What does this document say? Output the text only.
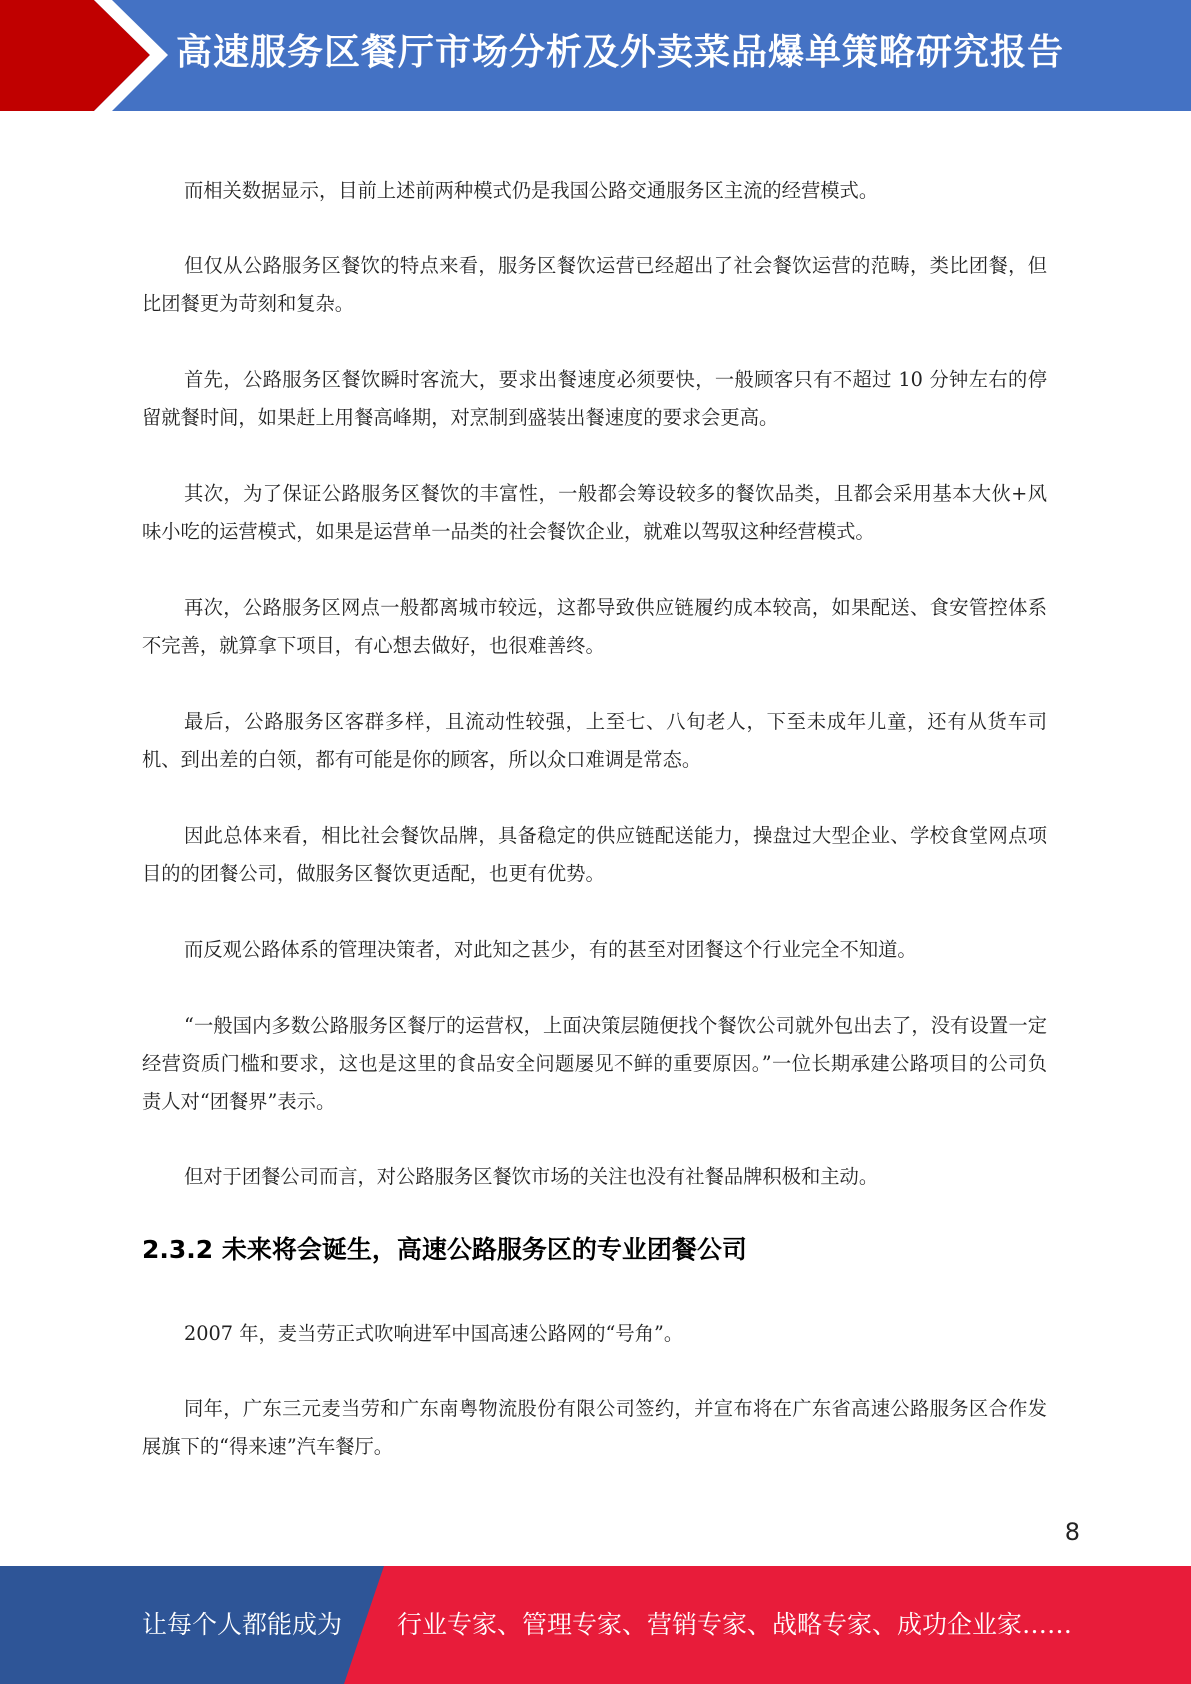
高速服务区餐厅市场分析及外卖菜品爆单策略研究报告

而相关数据显示，目前上述前两种模式仍是我国公路交通服务区主流的经营模式。

但仅从公路服务区餐饮的特点来看，服务区餐饮运营已经超出了社会餐饮运营的范畴，类比团餐，但比团餐更为苛刻和复杂。

首先，公路服务区餐饮瞬时客流大，要求出餐速度必须要快，一般顾客只有不超过 10 分钟左右的停留就餐时间，如果赶上用餐高峰期，对烹制到盛装出餐速度的要求会更高。

其次，为了保证公路服务区餐饮的丰富性，一般都会筹设较多的餐饮品类，且都会采用基本大伙+风味小吃的运营模式，如果是运营单一品类的社会餐饮企业，就难以驾驭这种经营模式。

再次，公路服务区网点一般都离城市较远，这都导致供应链履约成本较高，如果配送、食安管控体系不完善，就算拿下项目，有心想去做好，也很难善终。

最后，公路服务区客群多样，且流动性较强，上至七、八旬老人，下至未成年儿童，还有从货车司机、到出差的白领，都有可能是你的顾客，所以众口难调是常态。

因此总体来看，相比社会餐饮品牌，具备稳定的供应链配送能力，操盘过大型企业、学校食堂网点项目的的团餐公司，做服务区餐饮更适配，也更有优势。

而反观公路体系的管理决策者，对此知之甚少，有的甚至对团餐这个行业完全不知道。

“一般国内多数公路服务区餐厅的运营权，上面决策层随便找个餐饮公司就外包出去了，没有设置一定经营资质门槛和要求，这也是这里的食品安全问题屡见不鲜的重要原因。”一位长期承建公路项目的公司负责人对“团餐界”表示。

但对于团餐公司而言，对公路服务区餐饮市场的关注也没有社餐品牌积极和主动。

2.3.2 未来将会诞生，高速公路服务区的专业团餐公司

2007 年，麦当劳正式吹响进军中国高速公路网的“号角”。

同年，广东三元麦当劳和广东南粤物流股份有限公司签约，并宣布将在广东省高速公路服务区合作发展旗下的“得来速”汽车餐厅。

8
让每个人都能成为 行业专家、管理专家、营销专家、战略专家、成功企业家……
